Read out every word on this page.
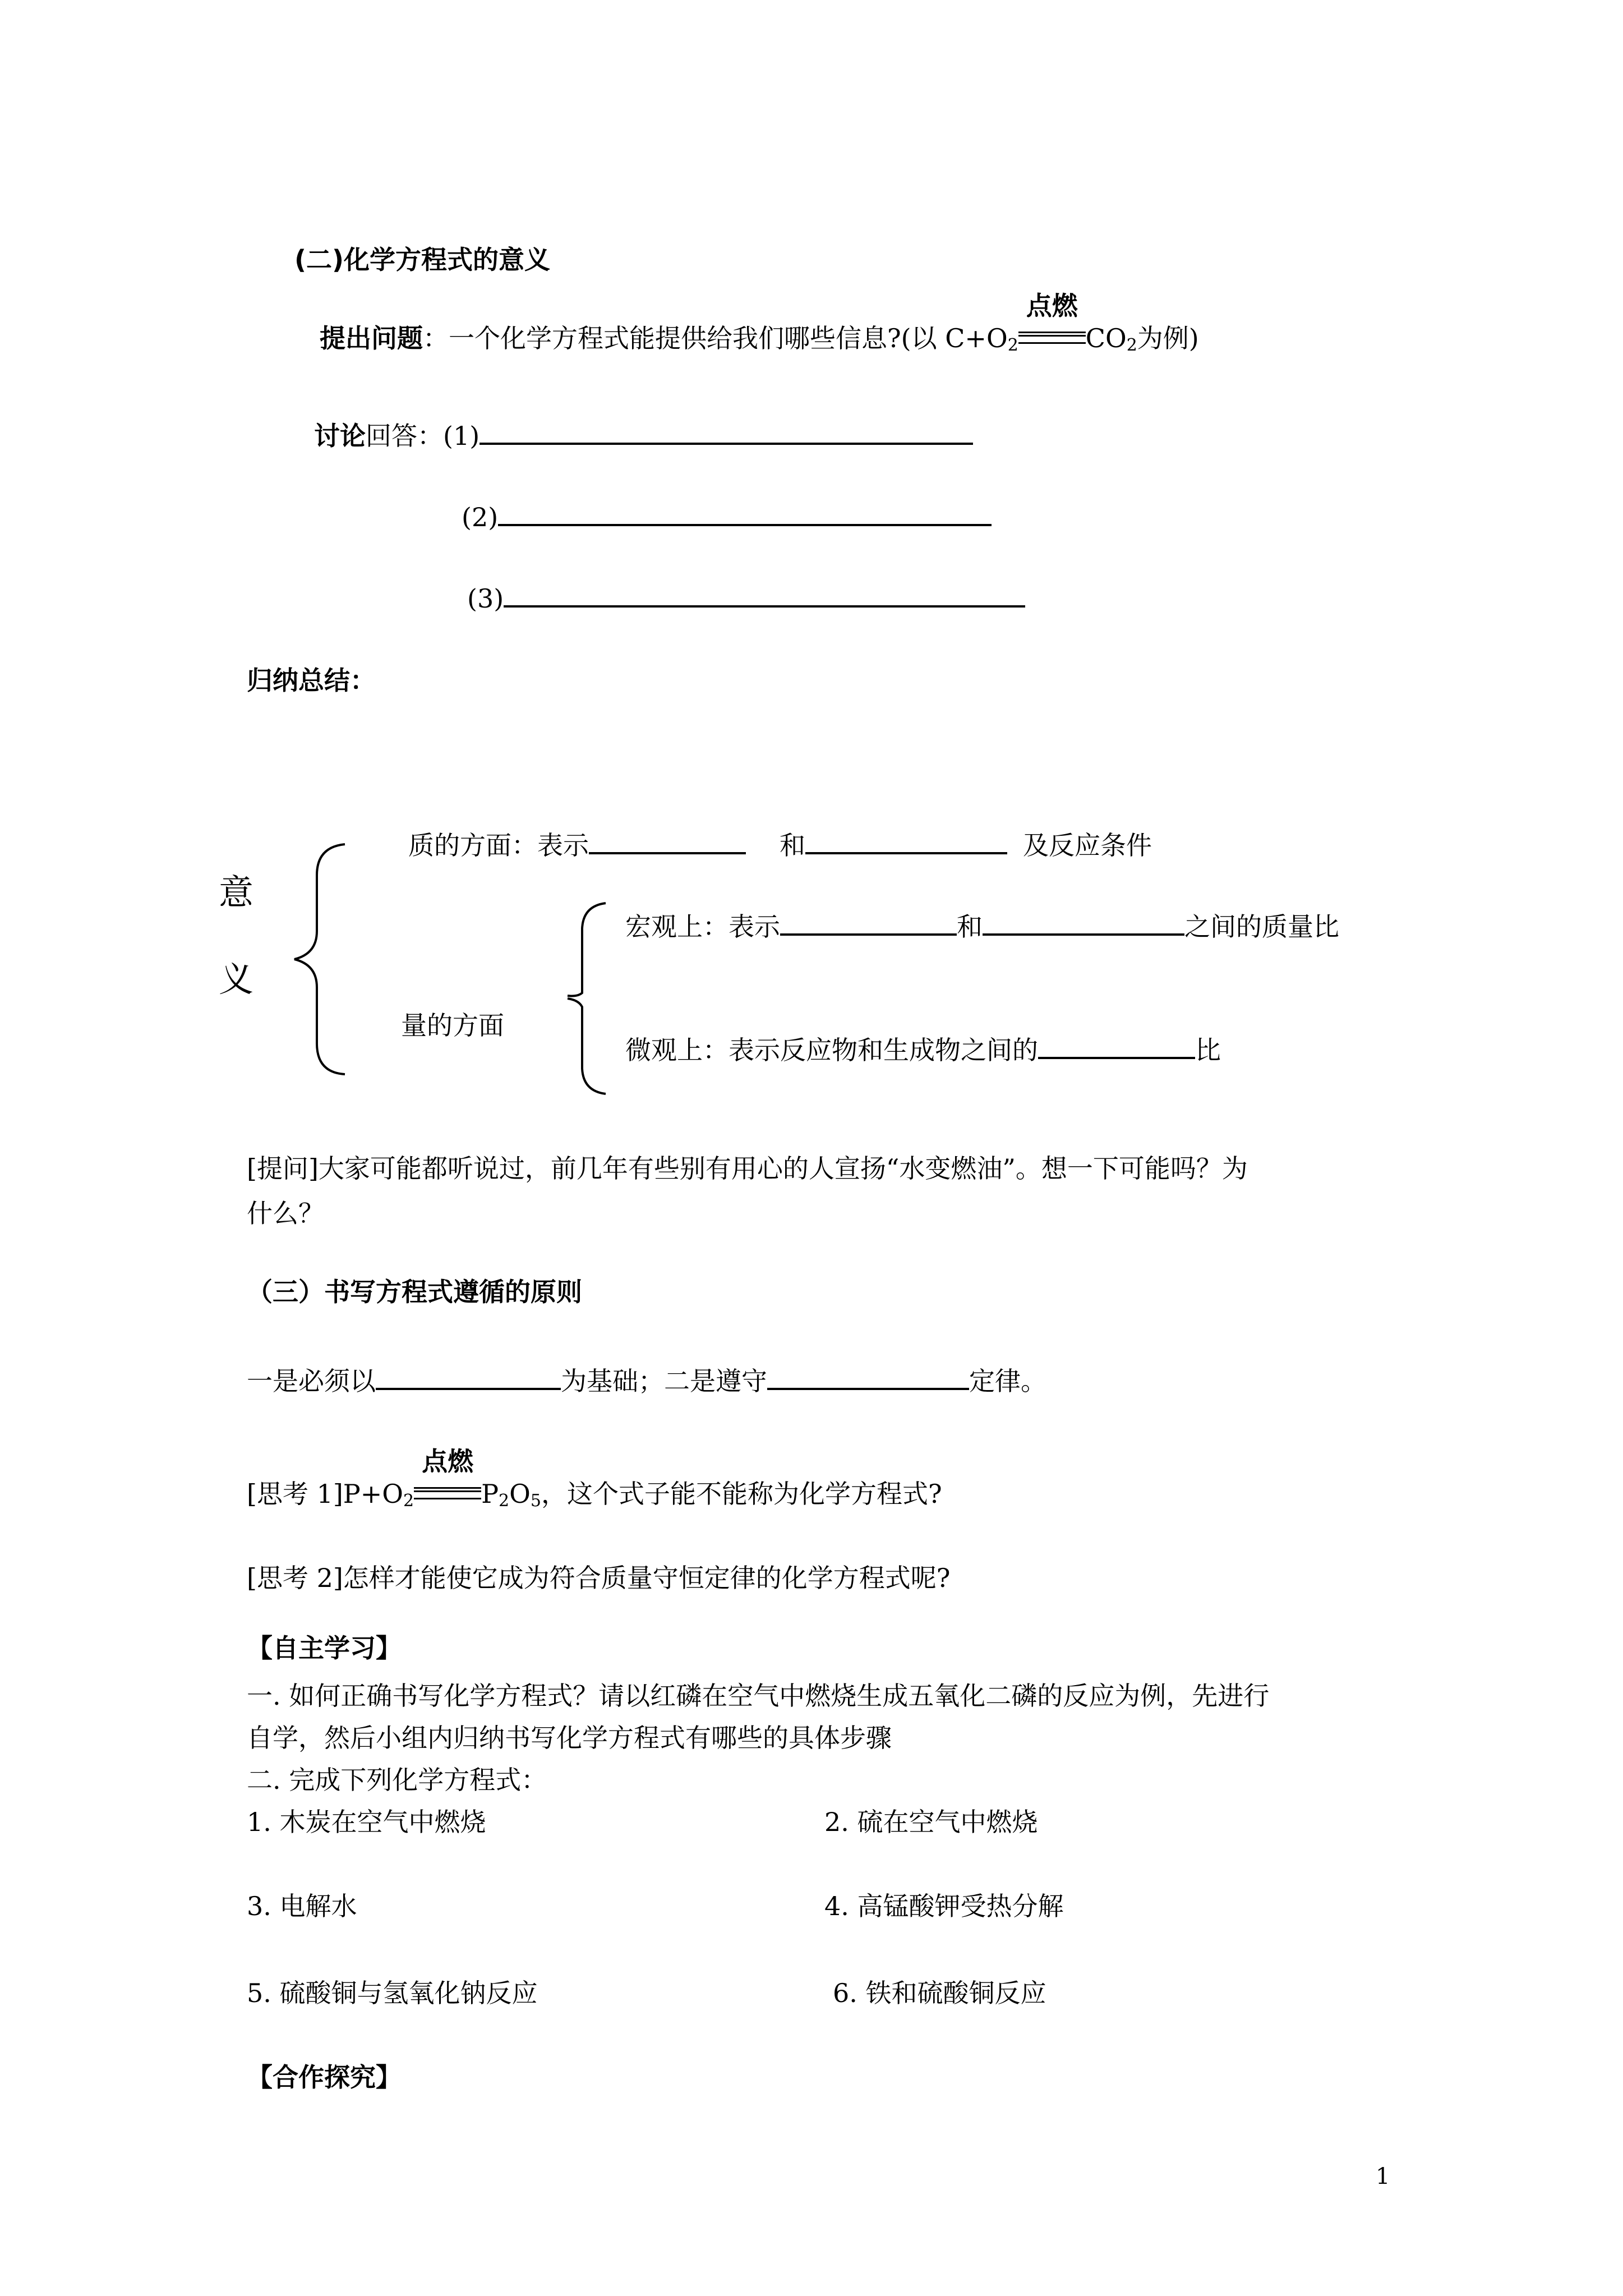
(二)化学方程式的意义
提出问题：一个化学方程式能提供给我们哪些信息?(以 $C+O_2$
点燃
$CO_2$为例)
讨论回答：(1)
(2)
(3)
归纳总结：
意
义
质的方面：表示	和	及反应条件
量的方面
宏观上：表示	和	之间的质量比
微观上：表示反应物和生成物之间的	比
[提问]大家可能都听说过，前几年有些别有用心的人宣扬“水变燃油”。想一下可能吗？为
什么？
（三）书写方程式遵循的原则
一是必须以	为基础；二是遵守	定律。
[思考 $1]P+O_2$
点燃
$P_2O_5$，这个式子能不能称为化学方程式?
[思考 2]怎样才能使它成为符合质量守恒定律的化学方程式呢?
【自主学习】
一. 如何正确书写化学方程式？请以红磷在空气中燃烧生成五氧化二磷的反应为例，先进行
自学，然后小组内归纳书写化学方程式有哪些的具体步骤
二. 完成下列化学方程式：
1. 木炭在空气中燃烧	2. 硫在空气中燃烧
3. 电解水	4. 高锰酸钾受热分解
5. 硫酸铜与氢氧化钠反应	6. 铁和硫酸铜反应
【合作探究】
1
